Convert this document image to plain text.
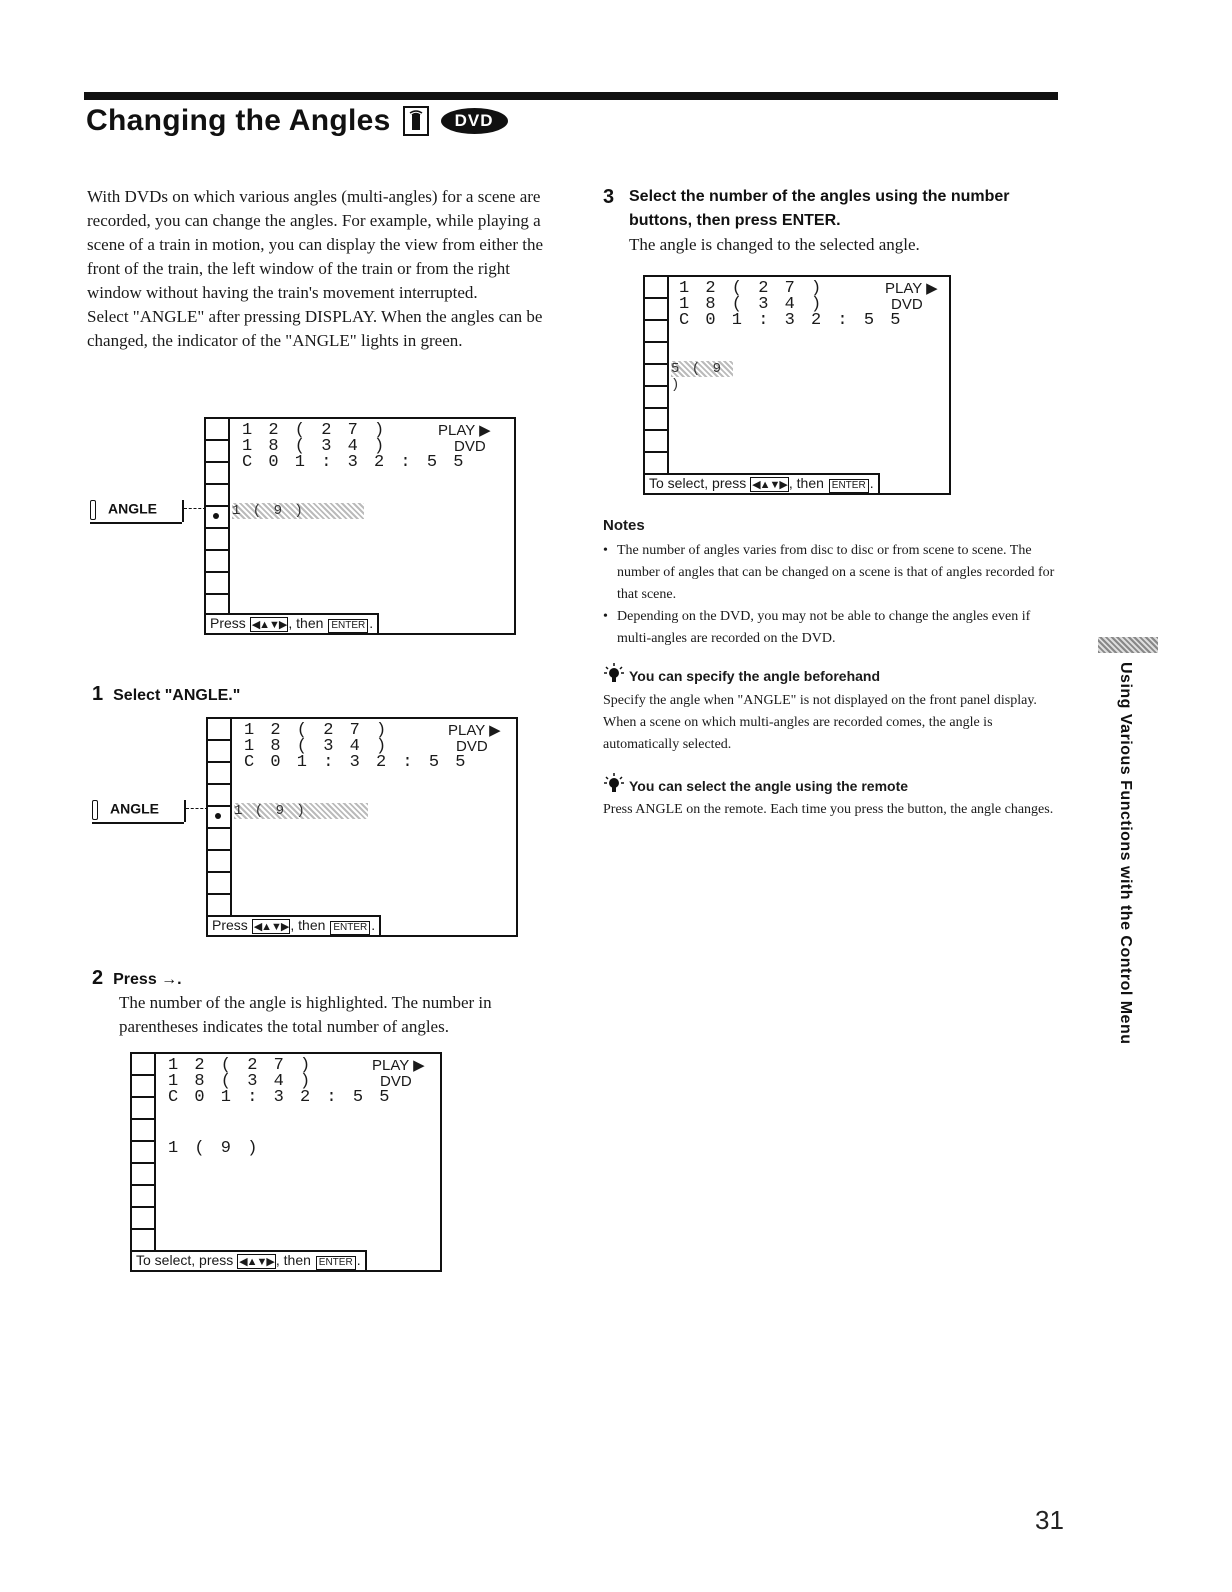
Changing the Angles	DVD

With DVDs on which various angles (multi-angles) for a scene are recorded, you can change the angles. For example, while playing a scene of a train in motion, you can display the view from either the front of the train, the left window of the train or from the right window without having the train's movement interrupted.

Select "ANGLE" after pressing DISPLAY. When the angles can be changed, the indicator of the "ANGLE" lights in green.

ANGLE
1 2 ( 2 7 )
1 8 ( 3 4 )
C 0 1 : 3 2 : 5 5
PLAY ▶
DVD
1 ( 9 )
Press ◀▲▼▶ , then ENTER .
1 Select "ANGLE."
ANGLE
1 2 ( 2 7 )
1 8 ( 3 4 )
C 0 1 : 3 2 : 5 5
PLAY ▶
DVD
1 ( 9 )
Press ◀▲▼▶ , then ENTER .
2 Press →.

The number of the angle is highlighted. The number in parentheses indicates the total number of angles.

1 2 ( 2 7 )
1 8 ( 3 4 )
C 0 1 : 3 2 : 5 5
PLAY ▶
DVD
1 ( 9 )
To select, press ◀▲▼▶ , then ENTER .
3 Select the number of the angles using the number buttons, then press ENTER.

The angle is changed to the selected angle.

1 2 ( 2 7 )
1 8 ( 3 4 )
C 0 1 : 3 2 : 5 5
PLAY ▶
DVD
5 ( 9 )
To select, press ◀▲▼▶ , then ENTER .
Notes
• The number of angles varies from disc to disc or from scene to scene. The number of angles that can be changed on a scene is that of angles recorded for that scene.
• Depending on the DVD, you may not be able to change the angles even if multi-angles are recorded on the DVD.
You can specify the angle beforehand

Specify the angle when "ANGLE" is not displayed on the front panel display. When a scene on which multi-angles are recorded comes, the angle is automatically selected.

You can select the angle using the remote

Press ANGLE on the remote. Each time you press the button, the angle changes.	Using Various Functions with the Control Menu
31
